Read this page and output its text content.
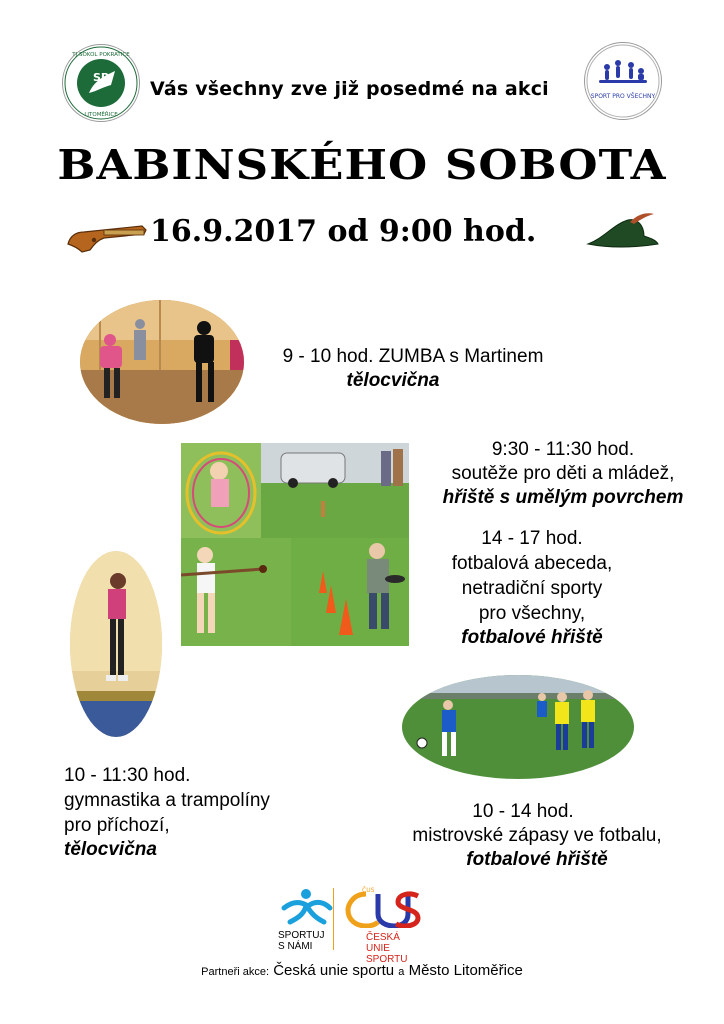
SP
TJ SOKOL POKRATICE
LITOMĚŘICE
SPORT PRO VŠECHNY
Vás všechny zve již posedmé na akci
BABINSKÉHO SOBOTA
16.9.2017 od 9:00 hod.
9 - 10 hod. ZUMBA s Martinem
tělocvična
9:30 - 11:30 hod.
soutěže pro děti a mládež,
hřiště s umělým povrchem
14 - 17 hod.
fotbalová abeceda,
netradiční sporty
pro všechny,
fotbalové hřiště
10 - 11:30 hod.
gymnastika a trampolíny
pro příchozí,
tělocvična
10 - 14 hod.
mistrovské zápasy ve fotbalu,
fotbalové hřiště
SPORTUJ
S NÁMI
ČUS
ČESKÁ
UNIE SPORTU
Partneři akce: Česká unie sportu a Město Litoměřice
